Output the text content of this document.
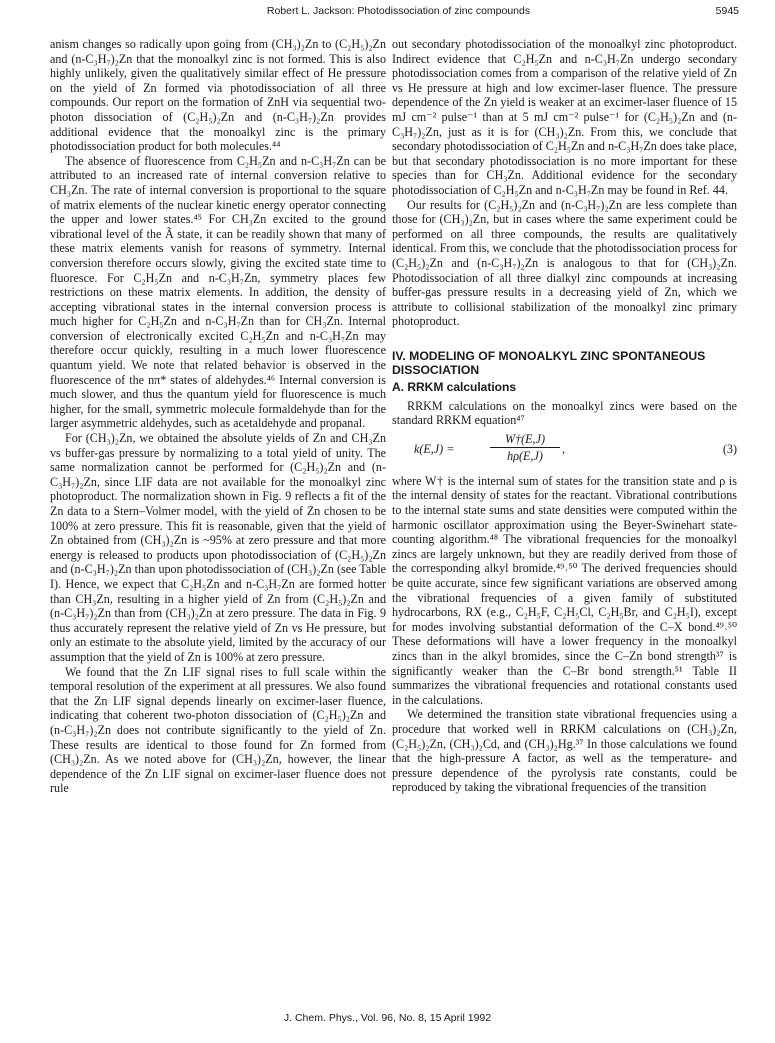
Robert L. Jackson: Photodissociation of zinc compounds	5945

anism changes so radically upon going from (CH₃)₂Zn to (C₂H₅)₂Zn and (n-C₃H₇)₂Zn that the monoalkyl zinc is not formed. This is also highly unlikely, given the qualitatively similar effect of He pressure on the yield of Zn formed via photodissociation of all three compounds. Our report on the formation of ZnH via sequential two-photon dissociation of (C₂H₅)₂Zn and (n-C₃H₇)₂Zn provides additional evidence that the monoalkyl zinc is the primary photodissociation product for both molecules.⁴⁴

The absence of fluorescence from C₂H₅Zn and n-C₃H₇Zn can be attributed to an increased rate of internal conversion relative to CH₃Zn. The rate of internal conversion is proportional to the square of matrix elements of the nuclear kinetic energy operator connecting the upper and lower states.⁴⁵ For CH₃Zn excited to the ground vibrational level of the Ã state, it can be readily shown that many of these matrix elements vanish for reasons of symmetry. Internal conversion therefore occurs slowly, giving the excited state time to fluoresce. For C₂H₅Zn and n-C₃H₇Zn, symmetry places few restrictions on these matrix elements. In addition, the density of accepting vibrational states in the internal conversion process is much higher for C₂H₅Zn and n-C₃H₇Zn than for CH₃Zn. Internal conversion of electronically excited C₂H₅Zn and n-C₃H₇Zn may therefore occur quickly, resulting in a much lower fluorescence quantum yield. We note that related behavior is observed in the fluorescence of the nπ* states of aldehydes.⁴⁶ Internal conversion is much slower, and thus the quantum yield for fluorescence is much higher, for the small, symmetric molecule formaldehyde than for the larger asymmetric aldehydes, such as acetaldehyde and propanal.

For (CH₃)₂Zn, we obtained the absolute yields of Zn and CH₃Zn vs buffer-gas pressure by normalizing to a total yield of unity. The same normalization cannot be performed for (C₂H₅)₂Zn and (n-C₃H₇)₂Zn, since LIF data are not available for the monoalkyl zinc photoproduct. The normalization shown in Fig. 9 reflects a fit of the Zn data to a Stern–Volmer model, with the yield of Zn chosen to be 100% at zero pressure. This fit is reasonable, given that the yield of Zn obtained from (CH₃)₂Zn is ~95% at zero pressure and that more energy is released to products upon photodissociation of (C₂H₅)₂Zn and (n-C₃H₇)₂Zn than upon photodissociation of (CH₃)₂Zn (see Table I). Hence, we expect that C₂H₅Zn and n-C₃H₇Zn are formed hotter than CH₃Zn, resulting in a higher yield of Zn from (C₂H₅)₂Zn and (n-C₃H₇)₂Zn than from (CH₃)₂Zn at zero pressure. The data in Fig. 9 thus accurately represent the relative yield of Zn vs He pressure, but only an estimate to the absolute yield, limited by the accuracy of our assumption that the yield of Zn is 100% at zero pressure.

We found that the Zn LIF signal rises to full scale within the temporal resolution of the experiment at all pressures. We also found that the Zn LIF signal depends linearly on excimer-laser fluence, indicating that coherent two-photon dissociation of (C₂H₅)₂Zn and (n-C₃H₇)₂Zn does not contribute significantly to the yield of Zn. These results are identical to those found for Zn formed from (CH₃)₂Zn. As we noted above for (CH₃)₂Zn, however, the linear dependence of the Zn LIF signal on excimer-laser fluence does not rule

out secondary photodissociation of the monoalkyl zinc photoproduct. Indirect evidence that C₂H₅Zn and n-C₃H₇Zn undergo secondary photodissociation comes from a comparison of the relative yield of Zn vs He pressure at high and low excimer-laser fluence. The pressure dependence of the Zn yield is weaker at an excimer-laser fluence of 15 mJ cm⁻² pulse⁻¹ than at 5 mJ cm⁻² pulse⁻¹ for (C₂H₅)₂Zn and (n-C₃H₇)₂Zn, just as it is for (CH₃)₂Zn. From this, we conclude that secondary photodissociation of C₂H₅Zn and n-C₃H₇Zn does take place, but that secondary photodissociation is no more important for these species than for CH₃Zn. Additional evidence for the secondary photodissociation of C₂H₅Zn and n-C₃H₇Zn may be found in Ref. 44.

Our results for (C₂H₅)₂Zn and (n-C₃H₇)₂Zn are less complete than those for (CH₃)₂Zn, but in cases where the same experiment could be performed on all three compounds, the results are qualitatively identical. From this, we conclude that the photodissociation process for (C₂H₅)₂Zn and (n-C₃H₇)₂Zn is analogous to that for (CH₃)₂Zn. Photodissociation of all three dialkyl zinc compounds at increasing buffer-gas pressure results in a decreasing yield of Zn, which we attribute to collisional stabilization of the monoalkyl zinc primary photoproduct.

IV. MODELING OF MONOALKYL ZINC SPONTANEOUS DISSOCIATION
A. RRKM calculations

RRKM calculations on the monoalkyl zincs were based on the standard RRKM equation⁴⁷

k(E,J) =	$\frac{W\dagger(E,J)}{h\rho(E,J)}$ ,	(3)

where W† is the internal sum of states for the transition state and ρ is the internal density of states for the reactant. Vibrational contributions to the internal state sums and state densities were computed within the harmonic oscillator approximation using the Beyer-Swinehart state-counting algorithm.⁴⁸ The vibrational frequencies for the monoalkyl zincs are largely unknown, but they are readily derived from those of the corresponding alkyl bromide.⁴⁹˒⁵⁰ The derived frequencies should be quite accurate, since few significant variations are observed among the vibrational frequencies of a given family of substituted hydrocarbons, RX (e.g., C₂H₅F, C₂H₅Cl, C₂H₅Br, and C₂H₅I), except for modes involving substantial deformation of the C–X bond.⁴⁹˒⁵⁰ These deformations will have a lower frequency in the monoalkyl zincs than in the alkyl bromides, since the C–Zn bond strength³⁷ is significantly weaker than the C–Br bond strength.⁵¹ Table II summarizes the vibrational frequencies and rotational constants used in the calculations.

We determined the transition state vibrational frequencies using a procedure that worked well in RRKM calculations on (CH₃)₂Zn, (C₂H₅)₂Zn, (CH₃)₂Cd, and (CH₃)₂Hg.³⁷ In those calculations we found that the high-pressure A factor, as well as the temperature- and pressure dependence of the pyrolysis rate constants, could be reproduced by taking the vibrational frequencies of the transition

J. Chem. Phys., Vol. 96, No. 8, 15 April 1992
